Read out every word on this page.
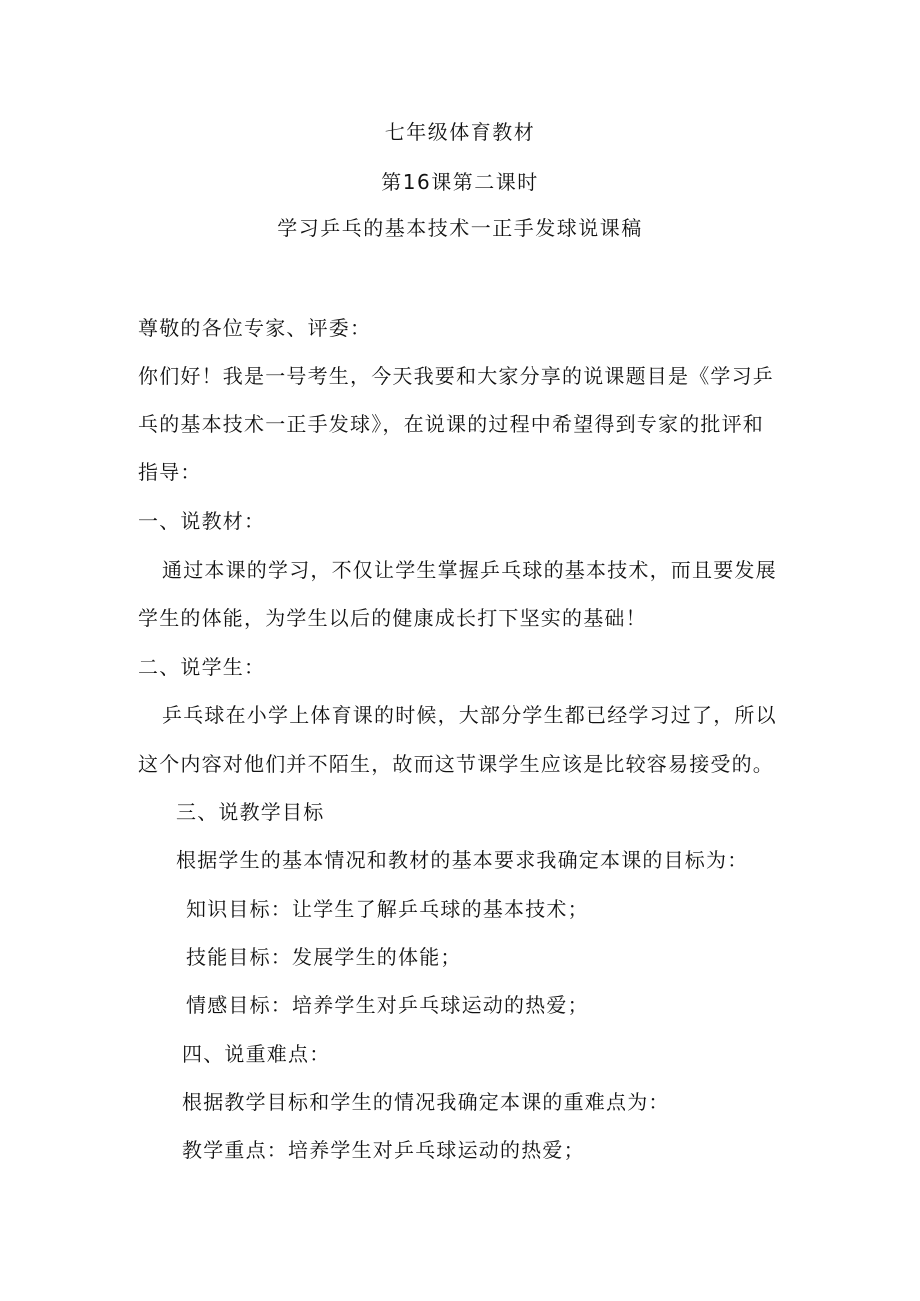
七年级体育教材
第16课第二课时
学习乒乓的基本技术一正手发球说课稿
尊敬的各位专家、评委：
你们好！我是一号考生，今天我要和大家分享的说课题目是《学习乒
乓的基本技术一正手发球》，在说课的过程中希望得到专家的批评和
指导：
一、说教材：
通过本课的学习，不仅让学生掌握乒乓球的基本技术，而且要发展
学生的体能，为学生以后的健康成长打下坚实的基础！
二、说学生：
乒乓球在小学上体育课的时候，大部分学生都已经学习过了，所以
这个内容对他们并不陌生，故而这节课学生应该是比较容易接受的。
三、说教学目标
根据学生的基本情况和教材的基本要求我确定本课的目标为：
知识目标：让学生了解乒乓球的基本技术；
技能目标：发展学生的体能；
情感目标：培养学生对乒乓球运动的热爱；
四、说重难点：
根据教学目标和学生的情况我确定本课的重难点为：
教学重点：培养学生对乒乓球运动的热爱；
